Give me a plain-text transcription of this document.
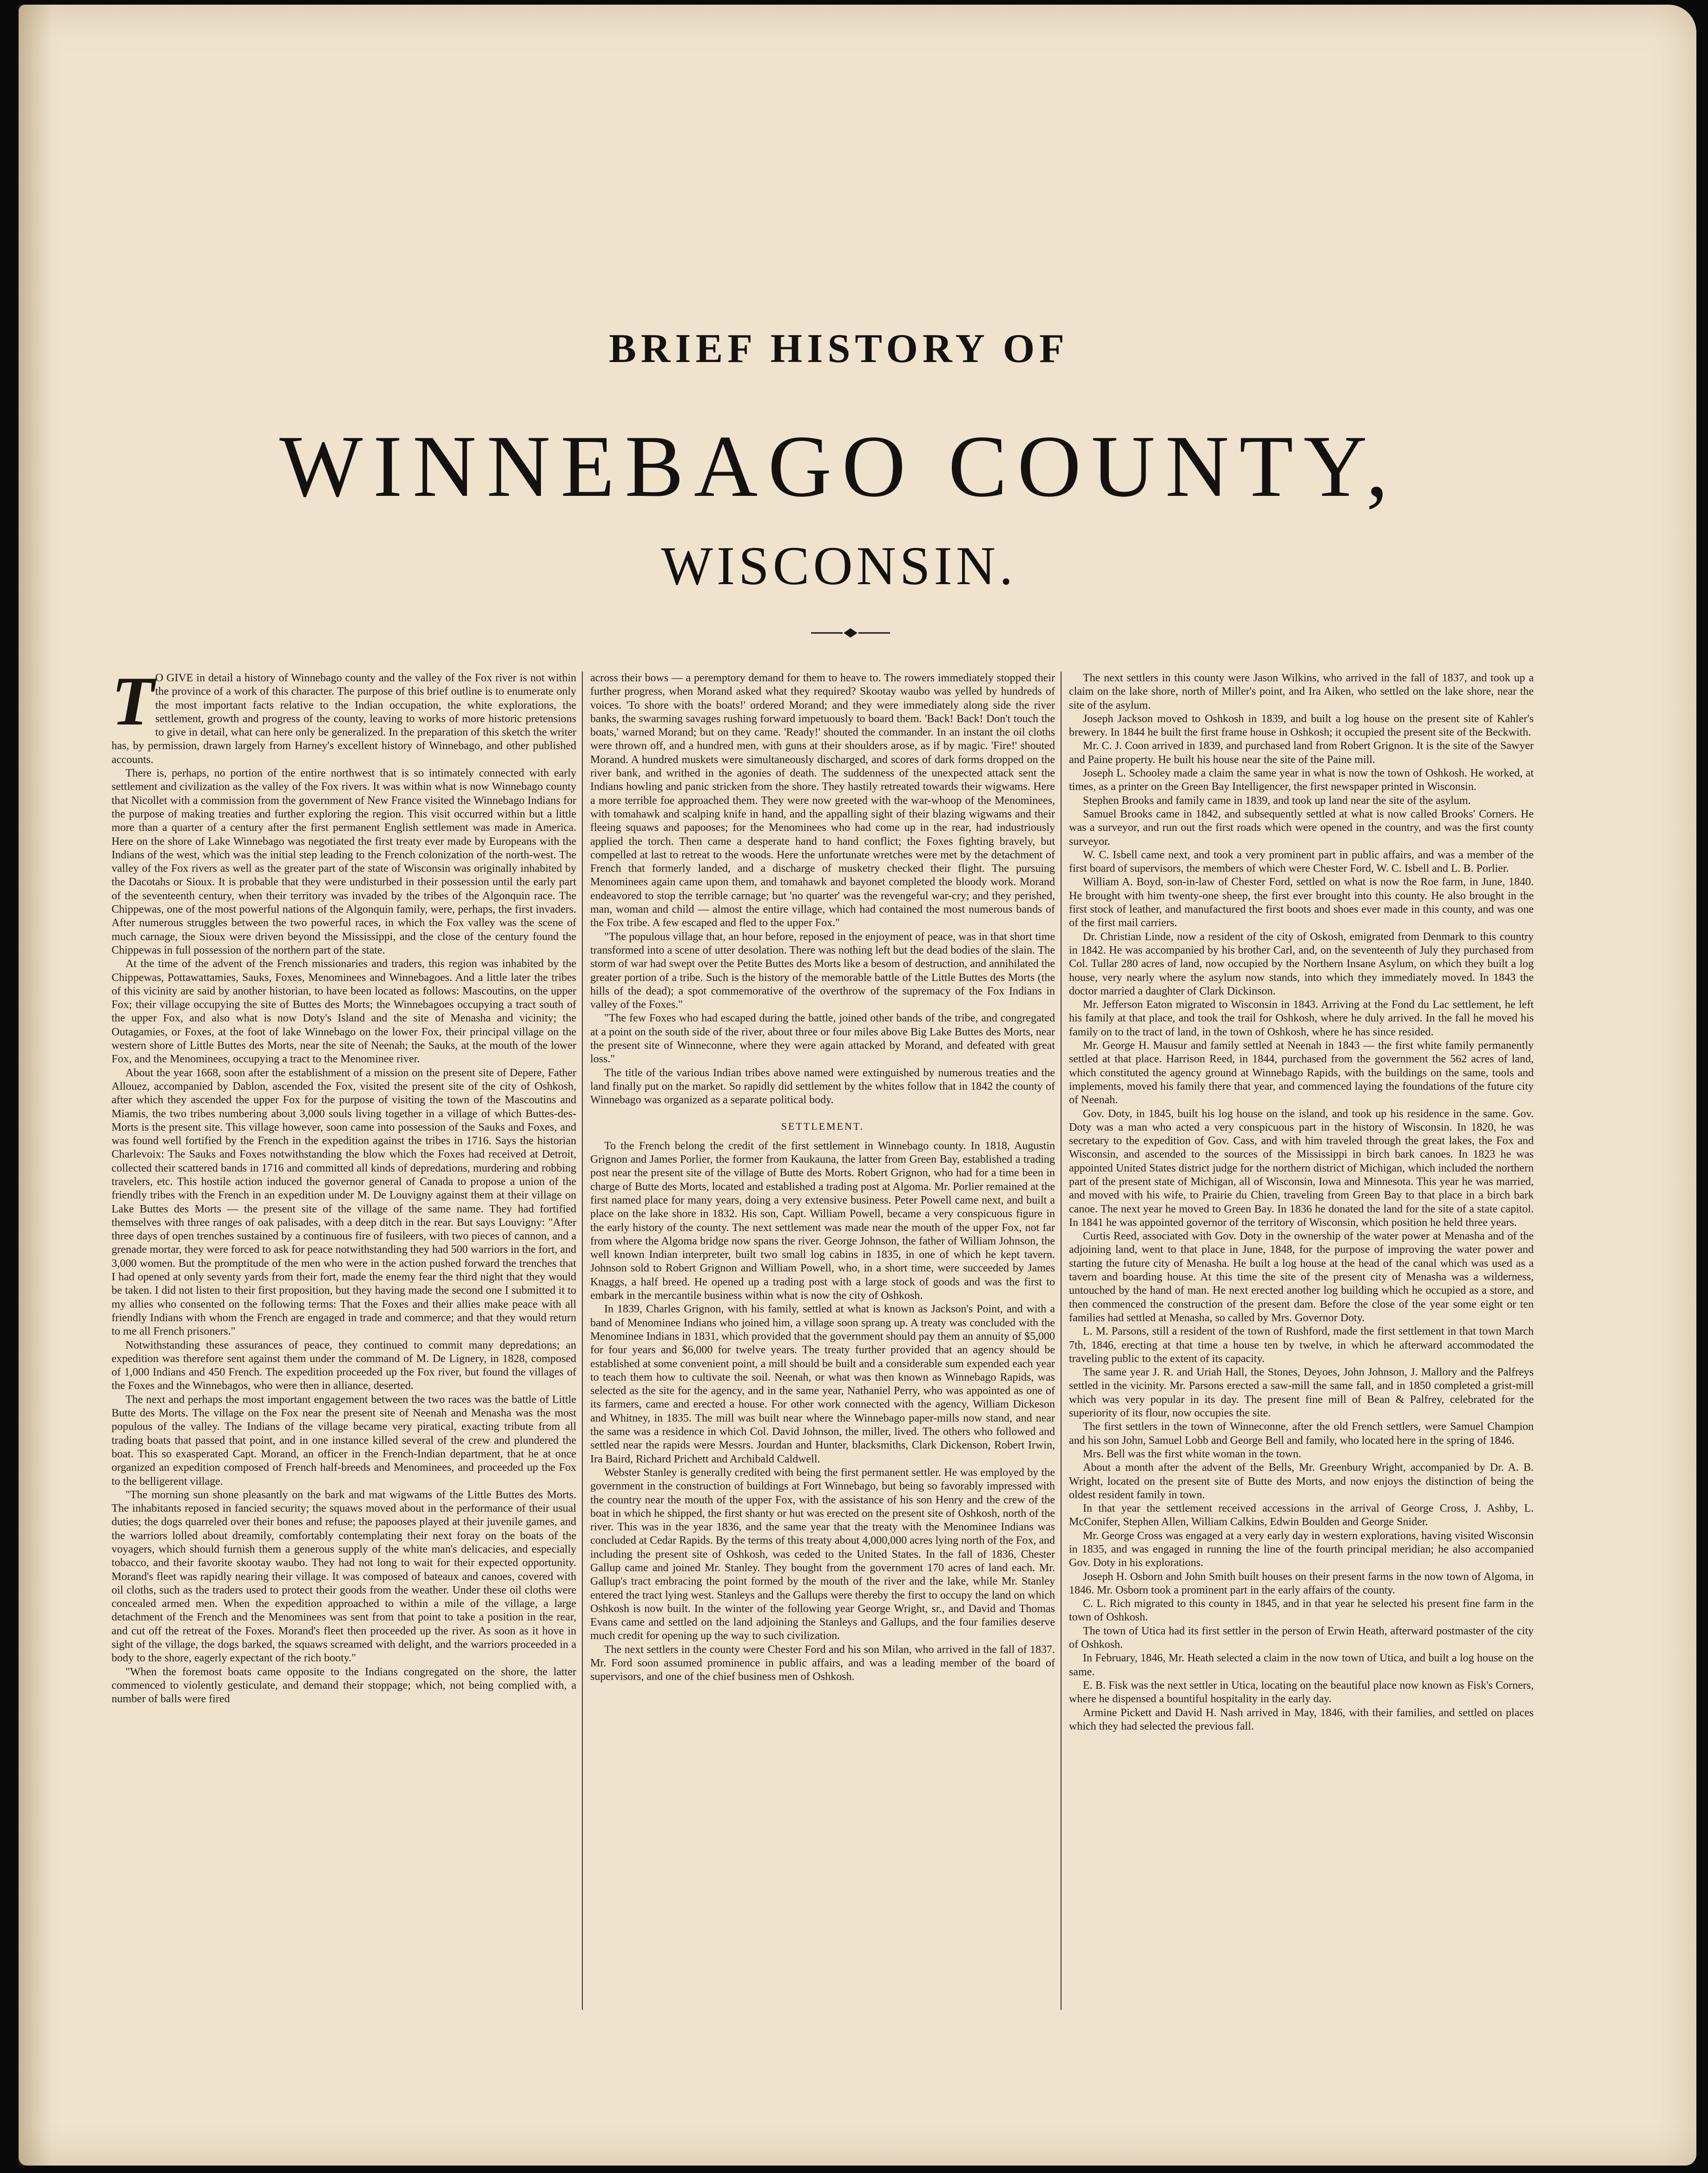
BRIEF HISTORY OF
WINNEBAGO COUNTY,
WISCONSIN.

T O GIVE in detail a history of Winnebago county and the valley of the Fox river is not within the province of a work of this character. The purpose of this brief outline is to enumerate only the most important facts relative to the Indian occupation, the white explorations, the settlement, growth and progress of the county, leaving to works of more historic pretensions to give in detail, what can here only be generalized. In the preparation of this sketch the writer has, by permission, drawn largely from Harney's excellent history of Winnebago, and other published accounts.

There is, perhaps, no portion of the entire northwest that is so intimately connected with early settlement and civilization as the valley of the Fox rivers. It was within what is now Winnebago county that Nicollet with a commission from the government of New France visited the Winnebago Indians for the purpose of making treaties and further exploring the region. This visit occurred within but a little more than a quarter of a century after the first permanent English settlement was made in America. Here on the shore of Lake Winnebago was negotiated the first treaty ever made by Europeans with the Indians of the west, which was the initial step leading to the French colonization of the north-west. The valley of the Fox rivers as well as the greater part of the state of Wisconsin was originally inhabited by the Dacotahs or Sioux. It is probable that they were undisturbed in their possession until the early part of the seventeenth century, when their territory was invaded by the tribes of the Algonquin race. The Chippewas, one of the most powerful nations of the Algonquin family, were, perhaps, the first invaders. After numerous struggles between the two powerful races, in which the Fox valley was the scene of much carnage, the Sioux were driven beyond the Mississippi, and the close of the century found the Chippewas in full possession of the northern part of the state.

At the time of the advent of the French missionaries and traders, this region was inhabited by the Chippewas, Pottawattamies, Sauks, Foxes, Menominees and Winnebagoes. And a little later the tribes of this vicinity are said by another historian, to have been located as follows: Mascoutins, on the upper Fox; their village occupying the site of Buttes des Morts; the Winnebagoes occupying a tract south of the upper Fox, and also what is now Doty's Island and the site of Menasha and vicinity; the Outagamies, or Foxes, at the foot of lake Winnebago on the lower Fox, their principal village on the western shore of Little Buttes des Morts, near the site of Neenah; the Sauks, at the mouth of the lower Fox, and the Menominees, occupying a tract to the Menominee river.

About the year 1668, soon after the establishment of a mission on the present site of Depere, Father Allouez, accompanied by Dablon, ascended the Fox, visited the present site of the city of Oshkosh, after which they ascended the upper Fox for the purpose of visiting the town of the Mascoutins and Miamis, the two tribes numbering about 3,000 souls living together in a village of which Buttes-des-Morts is the present site. This village however, soon came into possession of the Sauks and Foxes, and was found well fortified by the French in the expedition against the tribes in 1716. Says the historian Charlevoix: The Sauks and Foxes notwithstanding the blow which the Foxes had received at Detroit, collected their scattered bands in 1716 and committed all kinds of depredations, murdering and robbing travelers, etc. This hostile action induced the governor general of Canada to propose a union of the friendly tribes with the French in an expedition under M. De Louvigny against them at their village on Lake Buttes des Morts — the present site of the village of the same name. They had fortified themselves with three ranges of oak palisades, with a deep ditch in the rear. But says Louvigny: "After three days of open trenches sustained by a continuous fire of fusileers, with two pieces of cannon, and a grenade mortar, they were forced to ask for peace notwithstanding they had 500 warriors in the fort, and 3,000 women. But the promptitude of the men who were in the action pushed forward the trenches that I had opened at only seventy yards from their fort, made the enemy fear the third night that they would be taken. I did not listen to their first proposition, but they having made the second one I submitted it to my allies who consented on the following terms: That the Foxes and their allies make peace with all friendly Indians with whom the French are engaged in trade and commerce; and that they would return to me all French prisoners."

Notwithstanding these assurances of peace, they continued to commit many depredations; an expedition was therefore sent against them under the command of M. De Lignery, in 1828, composed of 1,000 Indians and 450 French. The expedition proceeded up the Fox river, but found the villages of the Foxes and the Winnebagos, who were then in alliance, deserted.

The next and perhaps the most important engagement between the two races was the battle of Little Butte des Morts. The village on the Fox near the present site of Neenah and Menasha was the most populous of the valley. The Indians of the village became very piratical, exacting tribute from all trading boats that passed that point, and in one instance killed several of the crew and plundered the boat. This so exasperated Capt. Morand, an officer in the French-Indian department, that he at once organized an expedition composed of French half-breeds and Menominees, and proceeded up the Fox to the belligerent village.

"The morning sun shone pleasantly on the bark and mat wigwams of the Little Buttes des Morts. The inhabitants reposed in fancied security; the squaws moved about in the performance of their usual duties; the dogs quarreled over their bones and refuse; the papooses played at their juvenile games, and the warriors lolled about dreamily, comfortably contemplating their next foray on the boats of the voyagers, which should furnish them a generous supply of the white man's delicacies, and especially tobacco, and their favorite skootay waubo. They had not long to wait for their expected opportunity. Morand's fleet was rapidly nearing their village. It was composed of bateaux and canoes, covered with oil cloths, such as the traders used to protect their goods from the weather. Under these oil cloths were concealed armed men. When the expedition approached to within a mile of the village, a large detachment of the French and the Menominees was sent from that point to take a position in the rear, and cut off the retreat of the Foxes. Morand's fleet then proceeded up the river. As soon as it hove in sight of the village, the dogs barked, the squaws screamed with delight, and the warriors proceeded in a body to the shore, eagerly expectant of the rich booty."

"When the foremost boats came opposite to the Indians congregated on the shore, the latter commenced to violently gesticulate, and demand their stoppage; which, not being complied with, a number of balls were fired

across their bows — a peremptory demand for them to heave to. The rowers immediately stopped their further progress, when Morand asked what they required? Skootay waubo was yelled by hundreds of voices. 'To shore with the boats!' ordered Morand; and they were immediately along side the river banks, the swarming savages rushing forward impetuously to board them. 'Back! Back! Don't touch the boats,' warned Morand; but on they came. 'Ready!' shouted the commander. In an instant the oil cloths were thrown off, and a hundred men, with guns at their shoulders arose, as if by magic. 'Fire!' shouted Morand. A hundred muskets were simultaneously discharged, and scores of dark forms dropped on the river bank, and writhed in the agonies of death. The suddenness of the unexpected attack sent the Indians howling and panic stricken from the shore. They hastily retreated towards their wigwams. Here a more terrible foe approached them. They were now greeted with the war-whoop of the Menominees, with tomahawk and scalping knife in hand, and the appalling sight of their blazing wigwams and their fleeing squaws and papooses; for the Menominees who had come up in the rear, had industriously applied the torch. Then came a desperate hand to hand conflict; the Foxes fighting bravely, but compelled at last to retreat to the woods. Here the unfortunate wretches were met by the detachment of French that formerly landed, and a discharge of musketry checked their flight. The pursuing Menominees again came upon them, and tomahawk and bayonet completed the bloody work. Morand endeavored to stop the terrible carnage; but 'no quarter' was the revengeful war-cry; and they perished, man, woman and child — almost the entire village, which had contained the most numerous bands of the Fox tribe. A few escaped and fled to the upper Fox."

"The populous village that, an hour before, reposed in the enjoyment of peace, was in that short time transformed into a scene of utter desolation. There was nothing left but the dead bodies of the slain. The storm of war had swept over the Petite Buttes des Morts like a besom of destruction, and annihilated the greater portion of a tribe. Such is the history of the memorable battle of the Little Buttes des Morts (the hills of the dead); a spot commemorative of the overthrow of the supremacy of the Fox Indians in valley of the Foxes."

"The few Foxes who had escaped during the battle, joined other bands of the tribe, and congregated at a point on the south side of the river, about three or four miles above Big Lake Buttes des Morts, near the present site of Winneconne, where they were again attacked by Morand, and defeated with great loss."

The title of the various Indian tribes above named were extinguished by numerous treaties and the land finally put on the market. So rapidly did settlement by the whites follow that in 1842 the county of Winnebago was organized as a separate political body.

SETTLEMENT.

To the French belong the credit of the first settlement in Winnebago county. In 1818, Augustin Grignon and James Porlier, the former from Kaukauna, the latter from Green Bay, established a trading post near the present site of the village of Butte des Morts. Robert Grignon, who had for a time been in charge of Butte des Morts, located and established a trading post at Algoma. Mr. Porlier remained at the first named place for many years, doing a very extensive business. Peter Powell came next, and built a place on the lake shore in 1832. His son, Capt. William Powell, became a very conspicuous figure in the early history of the county. The next settlement was made near the mouth of the upper Fox, not far from where the Algoma bridge now spans the river. George Johnson, the father of William Johnson, the well known Indian interpreter, built two small log cabins in 1835, in one of which he kept tavern. Johnson sold to Robert Grignon and William Powell, who, in a short time, were succeeded by James Knaggs, a half breed. He opened up a trading post with a large stock of goods and was the first to embark in the mercantile business within what is now the city of Oshkosh.

In 1839, Charles Grignon, with his family, settled at what is known as Jackson's Point, and with a band of Menominee Indians who joined him, a village soon sprang up. A treaty was concluded with the Menominee Indians in 1831, which provided that the government should pay them an annuity of $5,000 for four years and $6,000 for twelve years. The treaty further provided that an agency should be established at some convenient point, a mill should be built and a considerable sum expended each year to teach them how to cultivate the soil. Neenah, or what was then known as Winnebago Rapids, was selected as the site for the agency, and in the same year, Nathaniel Perry, who was appointed as one of its farmers, came and erected a house. For other work connected with the agency, William Dickeson and Whitney, in 1835. The mill was built near where the Winnebago paper-mills now stand, and near the same was a residence in which Col. David Johnson, the miller, lived. The others who followed and settled near the rapids were Messrs. Jourdan and Hunter, blacksmiths, Clark Dickenson, Robert Irwin, Ira Baird, Richard Prichett and Archibald Caldwell.

Webster Stanley is generally credited with being the first permanent settler. He was employed by the government in the construction of buildings at Fort Winnebago, but being so favorably impressed with the country near the mouth of the upper Fox, with the assistance of his son Henry and the crew of the boat in which he shipped, the first shanty or hut was erected on the present site of Oshkosh, north of the river. This was in the year 1836, and the same year that the treaty with the Menominee Indians was concluded at Cedar Rapids. By the terms of this treaty about 4,000,000 acres lying north of the Fox, and including the present site of Oshkosh, was ceded to the United States. In the fall of 1836, Chester Gallup came and joined Mr. Stanley. They bought from the government 170 acres of land each. Mr. Gallup's tract embracing the point formed by the mouth of the river and the lake, while Mr. Stanley entered the tract lying west. Stanleys and the Gallups were thereby the first to occupy the land on which Oshkosh is now built. In the winter of the following year George Wright, sr., and David and Thomas Evans came and settled on the land adjoining the Stanleys and Gallups, and the four families deserve much credit for opening up the way to such civilization.

The next settlers in the county were Chester Ford and his son Milan, who arrived in the fall of 1837. Mr. Ford soon assumed prominence in public affairs, and was a leading member of the board of supervisors, and one of the chief business men of Oshkosh.

The next settlers in this county were Jason Wilkins, who arrived in the fall of 1837, and took up a claim on the lake shore, north of Miller's point, and Ira Aiken, who settled on the lake shore, near the site of the asylum.

Joseph Jackson moved to Oshkosh in 1839, and built a log house on the present site of Kahler's brewery. In 1844 he built the first frame house in Oshkosh; it occupied the present site of the Beckwith.

Mr. C. J. Coon arrived in 1839, and purchased land from Robert Grignon. It is the site of the Sawyer and Paine property. He built his house near the site of the Paine mill.

Joseph L. Schooley made a claim the same year in what is now the town of Oshkosh. He worked, at times, as a printer on the Green Bay Intelligencer, the first newspaper printed in Wisconsin.

Stephen Brooks and family came in 1839, and took up land near the site of the asylum.

Samuel Brooks came in 1842, and subsequently settled at what is now called Brooks' Corners. He was a surveyor, and run out the first roads which were opened in the country, and was the first county surveyor.

W. C. Isbell came next, and took a very prominent part in public affairs, and was a member of the first board of supervisors, the members of which were Chester Ford, W. C. Isbell and L. B. Porlier.

William A. Boyd, son-in-law of Chester Ford, settled on what is now the Roe farm, in June, 1840. He brought with him twenty-one sheep, the first ever brought into this county. He also brought in the first stock of leather, and manufactured the first boots and shoes ever made in this county, and was one of the first mail carriers.

Dr. Christian Linde, now a resident of the city of Oskosh, emigrated from Denmark to this country in 1842. He was accompanied by his brother Carl, and, on the seventeenth of July they purchased from Col. Tullar 280 acres of land, now occupied by the Northern Insane Asylum, on which they built a log house, very nearly where the asylum now stands, into which they immediately moved. In 1843 the doctor married a daughter of Clark Dickinson.

Mr. Jefferson Eaton migrated to Wisconsin in 1843. Arriving at the Fond du Lac settlement, he left his family at that place, and took the trail for Oshkosh, where he duly arrived. In the fall he moved his family on to the tract of land, in the town of Oshkosh, where he has since resided.

Mr. George H. Mausur and family settled at Neenah in 1843 — the first white family permanently settled at that place. Harrison Reed, in 1844, purchased from the government the 562 acres of land, which constituted the agency ground at Winnebago Rapids, with the buildings on the same, tools and implements, moved his family there that year, and commenced laying the foundations of the future city of Neenah.

Gov. Doty, in 1845, built his log house on the island, and took up his residence in the same. Gov. Doty was a man who acted a very conspicuous part in the history of Wisconsin. In 1820, he was secretary to the expedition of Gov. Cass, and with him traveled through the great lakes, the Fox and Wisconsin, and ascended to the sources of the Mississippi in birch bark canoes. In 1823 he was appointed United States district judge for the northern district of Michigan, which included the northern part of the present state of Michigan, all of Wisconsin, Iowa and Minnesota. This year he was married, and moved with his wife, to Prairie du Chien, traveling from Green Bay to that place in a birch bark canoe. The next year he moved to Green Bay. In 1836 he donated the land for the site of a state capitol. In 1841 he was appointed governor of the territory of Wisconsin, which position he held three years.

Curtis Reed, associated with Gov. Doty in the ownership of the water power at Menasha and of the adjoining land, went to that place in June, 1848, for the purpose of improving the water power and starting the future city of Menasha. He built a log house at the head of the canal which was used as a tavern and boarding house. At this time the site of the present city of Menasha was a wilderness, untouched by the hand of man. He next erected another log building which he occupied as a store, and then commenced the construction of the present dam. Before the close of the year some eight or ten families had settled at Menasha, so called by Mrs. Governor Doty.

L. M. Parsons, still a resident of the town of Rushford, made the first settlement in that town March 7th, 1846, erecting at that time a house ten by twelve, in which he afterward accommodated the traveling public to the extent of its capacity.

The same year J. R. and Uriah Hall, the Stones, Deyoes, John Johnson, J. Mallory and the Palfreys settled in the vicinity. Mr. Parsons erected a saw-mill the same fall, and in 1850 completed a grist-mill which was very popular in its day. The present fine mill of Bean & Palfrey, celebrated for the superiority of its flour, now occupies the site.

The first settlers in the town of Winneconne, after the old French settlers, were Samuel Champion and his son John, Samuel Lobb and George Bell and family, who located here in the spring of 1846.

Mrs. Bell was the first white woman in the town.

About a month after the advent of the Bells, Mr. Greenbury Wright, accompanied by Dr. A. B. Wright, located on the present site of Butte des Morts, and now enjoys the distinction of being the oldest resident family in town.

In that year the settlement received accessions in the arrival of George Cross, J. Ashby, L. McConifer, Stephen Allen, William Calkins, Edwin Boulden and George Snider.

Mr. George Cross was engaged at a very early day in western explorations, having visited Wisconsin in 1835, and was engaged in running the line of the fourth principal meridian; he also accompanied Gov. Doty in his explorations.

Joseph H. Osborn and John Smith built houses on their present farms in the now town of Algoma, in 1846. Mr. Osborn took a prominent part in the early affairs of the county.

C. L. Rich migrated to this county in 1845, and in that year he selected his present fine farm in the town of Oshkosh.

The town of Utica had its first settler in the person of Erwin Heath, afterward postmaster of the city of Oshkosh.

In February, 1846, Mr. Heath selected a claim in the now town of Utica, and built a log house on the same.

E. B. Fisk was the next settler in Utica, locating on the beautiful place now known as Fisk's Corners, where he dispensed a bountiful hospitality in the early day.

Armine Pickett and David H. Nash arrived in May, 1846, with their families, and settled on places which they had selected the previous fall.
